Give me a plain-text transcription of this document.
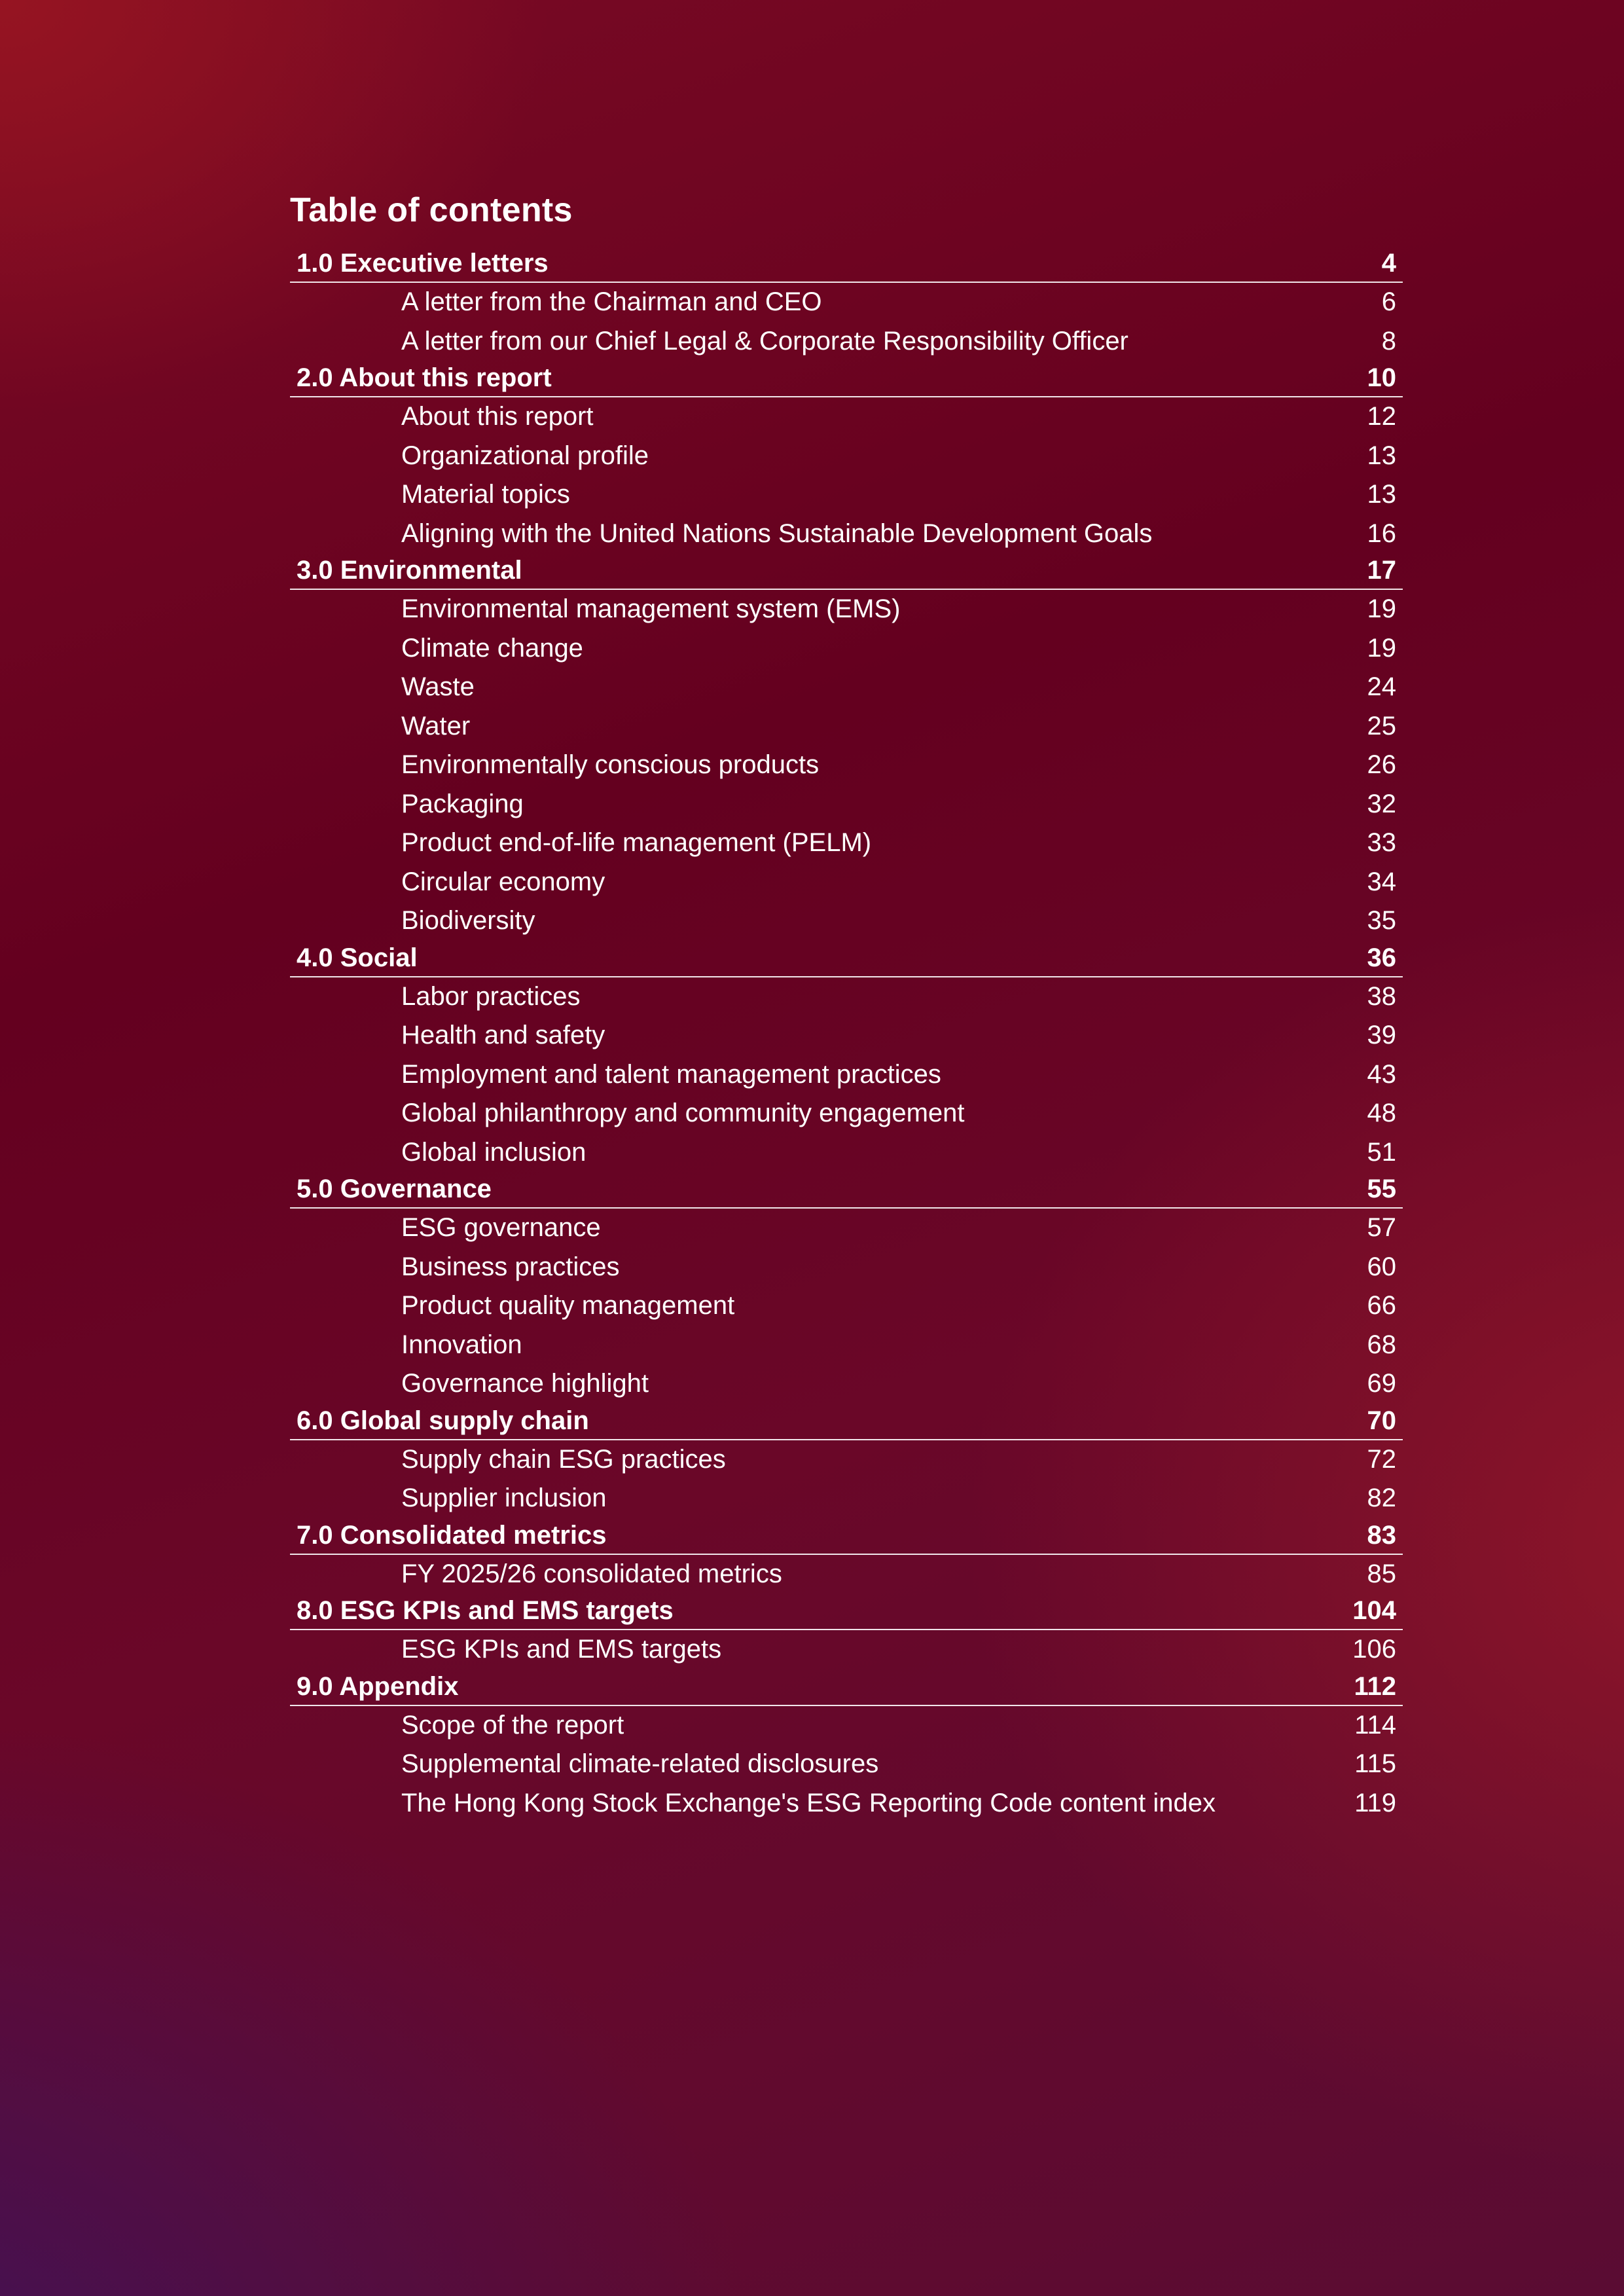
Table of contents
1.0 Executive letters	4
A letter from the Chairman and CEO	6
A letter from our Chief Legal & Corporate Responsibility Officer	8
2.0 About this report	10
About this report	12
Organizational profile	13
Material topics	13
Aligning with the United Nations Sustainable Development Goals	16
3.0 Environmental	17
Environmental management system (EMS)	19
Climate change	19
Waste	24
Water	25
Environmentally conscious products	26
Packaging	32
Product end-of-life management (PELM)	33
Circular economy	34
Biodiversity	35
4.0 Social	36
Labor practices	38
Health and safety	39
Employment and talent management practices	43
Global philanthropy and community engagement	48
Global inclusion	51
5.0 Governance	55
ESG governance	57
Business practices	60
Product quality management	66
Innovation	68
Governance highlight	69
6.0 Global supply chain	70
Supply chain ESG practices	72
Supplier inclusion	82
7.0 Consolidated metrics	83
FY 2025/26 consolidated metrics	85
8.0 ESG KPIs and EMS targets	104
ESG KPIs and EMS targets	106
9.0 Appendix	112
Scope of the report	114
Supplemental climate-related disclosures	115
The Hong Kong Stock Exchange's ESG Reporting Code content index	119
